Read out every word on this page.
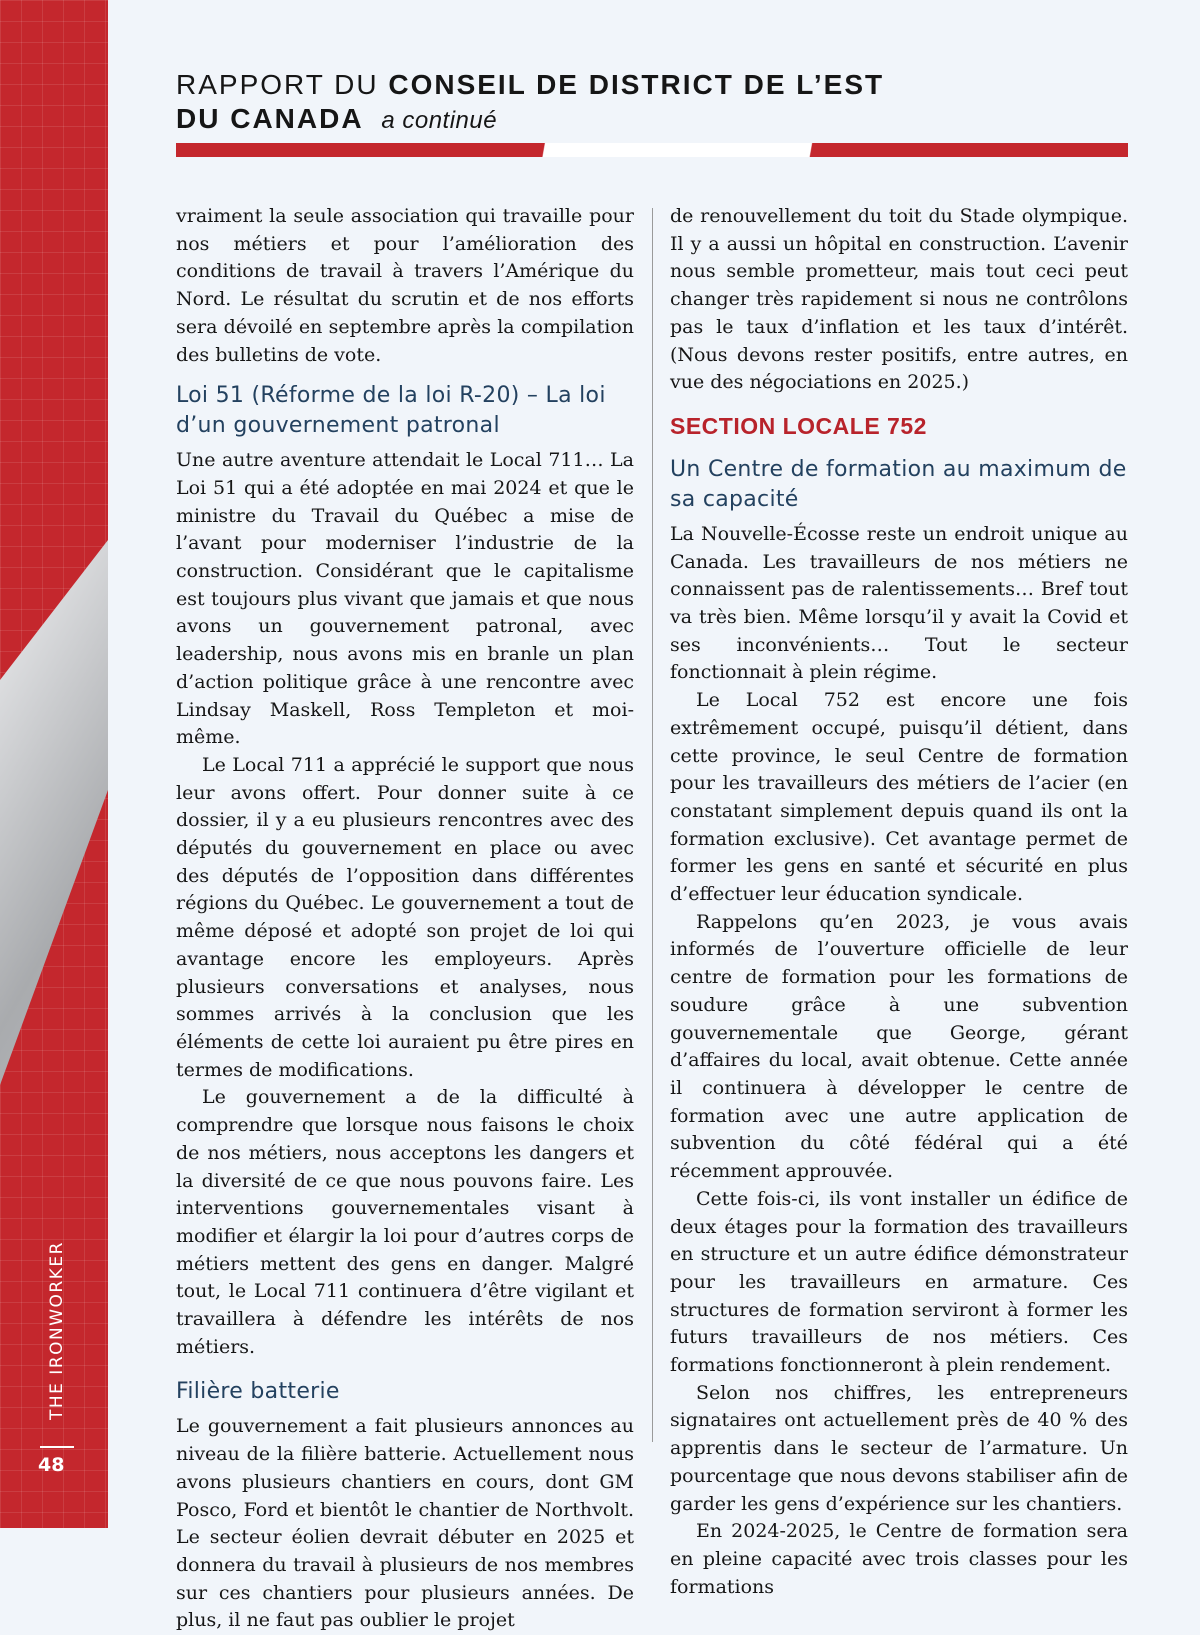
THE IRONWORKER
48
RAPPORT DU CONSEIL DE DISTRICT DE L’EST
DU CANADA a continué

vraiment la seule association qui travaille pour nos métiers et pour l’amélioration des conditions de travail à travers l’Amérique du Nord. Le résultat du scrutin et de nos efforts sera dévoilé en septembre après la compilation des bulletins de vote.

Loi 51 (Réforme de la loi R-20) – La loi d’un gouvernement patronal

Une autre aventure attendait le Local 711… La Loi 51 qui a été adoptée en mai 2024 et que le ministre du Travail du Québec a mise de l’avant pour moderniser l’industrie de la construction. Considérant que le capitalisme est toujours plus vivant que jamais et que nous avons un gouvernement patronal, avec leadership, nous avons mis en branle un plan d’action politique grâce à une rencontre avec Lindsay Maskell, Ross Templeton et moi-même.

Le Local 711 a apprécié le support que nous leur avons offert. Pour donner suite à ce dossier, il y a eu plusieurs rencontres avec des députés du gouvernement en place ou avec des députés de l’opposition dans différentes régions du Québec. Le gouvernement a tout de même déposé et adopté son projet de loi qui avantage encore les employeurs. Après plusieurs conversations et analyses, nous sommes arrivés à la conclusion que les éléments de cette loi auraient pu être pires en termes de modifications.

Le gouvernement a de la difficulté à comprendre que lorsque nous faisons le choix de nos métiers, nous acceptons les dangers et la diversité de ce que nous pouvons faire. Les interventions gouvernementales visant à modifier et élargir la loi pour d’autres corps de métiers mettent des gens en danger. Malgré tout, le Local 711 continuera d’être vigilant et travaillera à défendre les intérêts de nos métiers.

Filière batterie

Le gouvernement a fait plusieurs annonces au niveau de la filière batterie. Actuellement nous avons plusieurs chantiers en cours, dont GM Posco, Ford et bientôt le chantier de Northvolt. Le secteur éolien devrait débuter en 2025 et donnera du travail à plusieurs de nos membres sur ces chantiers pour plusieurs années. De plus, il ne faut pas oublier le projet

de renouvellement du toit du Stade olympique. Il y a aussi un hôpital en construction. L’avenir nous semble prometteur, mais tout ceci peut changer très rapidement si nous ne contrôlons pas le taux d’inflation et les taux d’intérêt. (Nous devons rester positifs, entre autres, en vue des négociations en 2025.)

SECTION LOCALE 752
Un Centre de formation au maximum de sa capacité

La Nouvelle-Écosse reste un endroit unique au Canada. Les travailleurs de nos métiers ne connaissent pas de ralentissements… Bref tout va très bien. Même lorsqu’il y avait la Covid et ses inconvénients… Tout le secteur fonctionnait à plein régime.

Le Local 752 est encore une fois extrêmement occupé, puisqu’il détient, dans cette province, le seul Centre de formation pour les travailleurs des métiers de l’acier (en constatant simplement depuis quand ils ont la formation exclusive). Cet avantage permet de former les gens en santé et sécurité en plus d’effectuer leur éducation syndicale.

Rappelons qu’en 2023, je vous avais informés de l’ouverture officielle de leur centre de formation pour les formations de soudure grâce à une subvention gouvernementale que George, gérant d’affaires du local, avait obtenue. Cette année il continuera à développer le centre de formation avec une autre application de subvention du côté fédéral qui a été récemment approuvée.

Cette fois-ci, ils vont installer un édifice de deux étages pour la formation des travailleurs en structure et un autre édifice démonstrateur pour les travailleurs en armature. Ces structures de formation serviront à former les futurs travailleurs de nos métiers. Ces formations fonctionneront à plein rendement.

Selon nos chiffres, les entrepreneurs signataires ont actuellement près de 40 % des apprentis dans le secteur de l’armature. Un pourcentage que nous devons stabiliser afin de garder les gens d’expérience sur les chantiers.

En 2024-2025, le Centre de formation sera en pleine capacité avec trois classes pour les formations
